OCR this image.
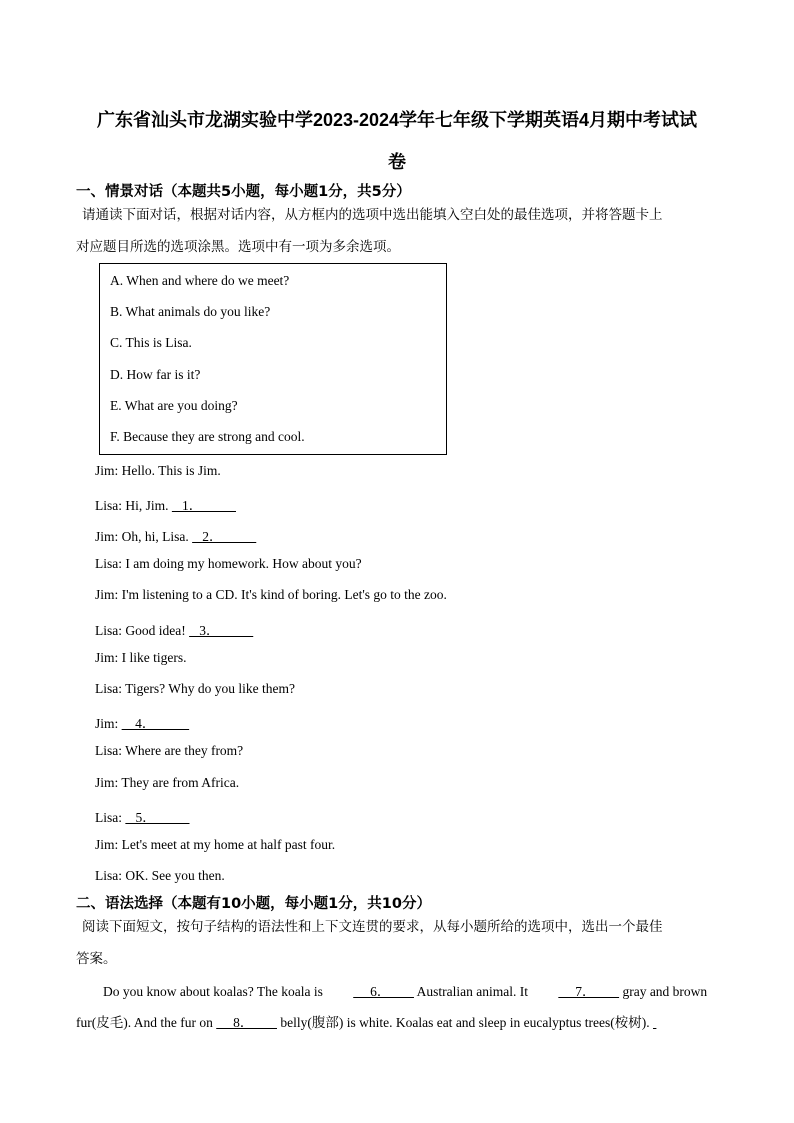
广东省汕头市龙湖实验中学2023-2024学年七年级下学期英语4月期中考试试
卷
一、情景对话（本题共5小题，每小题1分，共5分）
请通读下面对话，根据对话内容，从方框内的选项中选出能填入空白处的最佳选项，并将答题卡上
对应题目所选的选项涂黑。选项中有一项为多余选项。
A. When and where do we meet?
B. What animals do you like?
C. This is Lisa.
D. How far is it?
E. What are you doing?
F. Because they are strong and cool.
Jim: Hello. This is Jim.
Lisa: Hi, Jim.    1．
Jim: Oh, hi, Lisa.    2．
Lisa: I am doing my homework. How about you?
Jim: I'm listening to a CD. It's kind of boring. Let's go to the zoo.
Lisa: Good idea!    3．
Jim: I like tigers.
Lisa: Tigers? Why do you like them?
Jim:     4．
Lisa: Where are they from?
Jim: They are from Africa.
Lisa:    5．
Jim: Let's meet at my home at half past four.
Lisa: OK. See you then.
二、语法选择（本题有10小题，每小题1分，共10分）
阅读下面短文，按句子结构的语法性和上下文连贯的要求，从每小题所给的选项中，选出一个最佳
答案。
Do you know about koalas? The koala is      6．        Australian animal. It      7．        gray and brown
fur(皮毛). And the fur on      8．        belly(腹部) is white. Koalas eat and sleep in eucalyptus trees(桉树).
